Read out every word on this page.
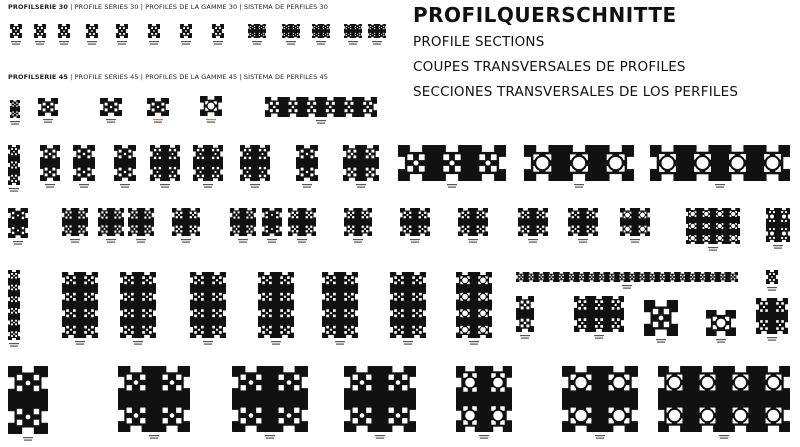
PROFILSERIE 30 | PROFILE SERIES 30 | PROFILES DE LA GAMME 30 | SISTEMA DE PERFILES 30
PROFILSERIE 45 | PROFILE SERIES 45 | PROFILES DE LA GAMME 45 | SISTEMA DE PERFILES 45
PROFILQUERSCHNITTE
PROFILE SECTIONS
COUPES TRANSVERSALES DE PROFILES
SECCIONES TRANSVERSALES DE LOS PERFILES
